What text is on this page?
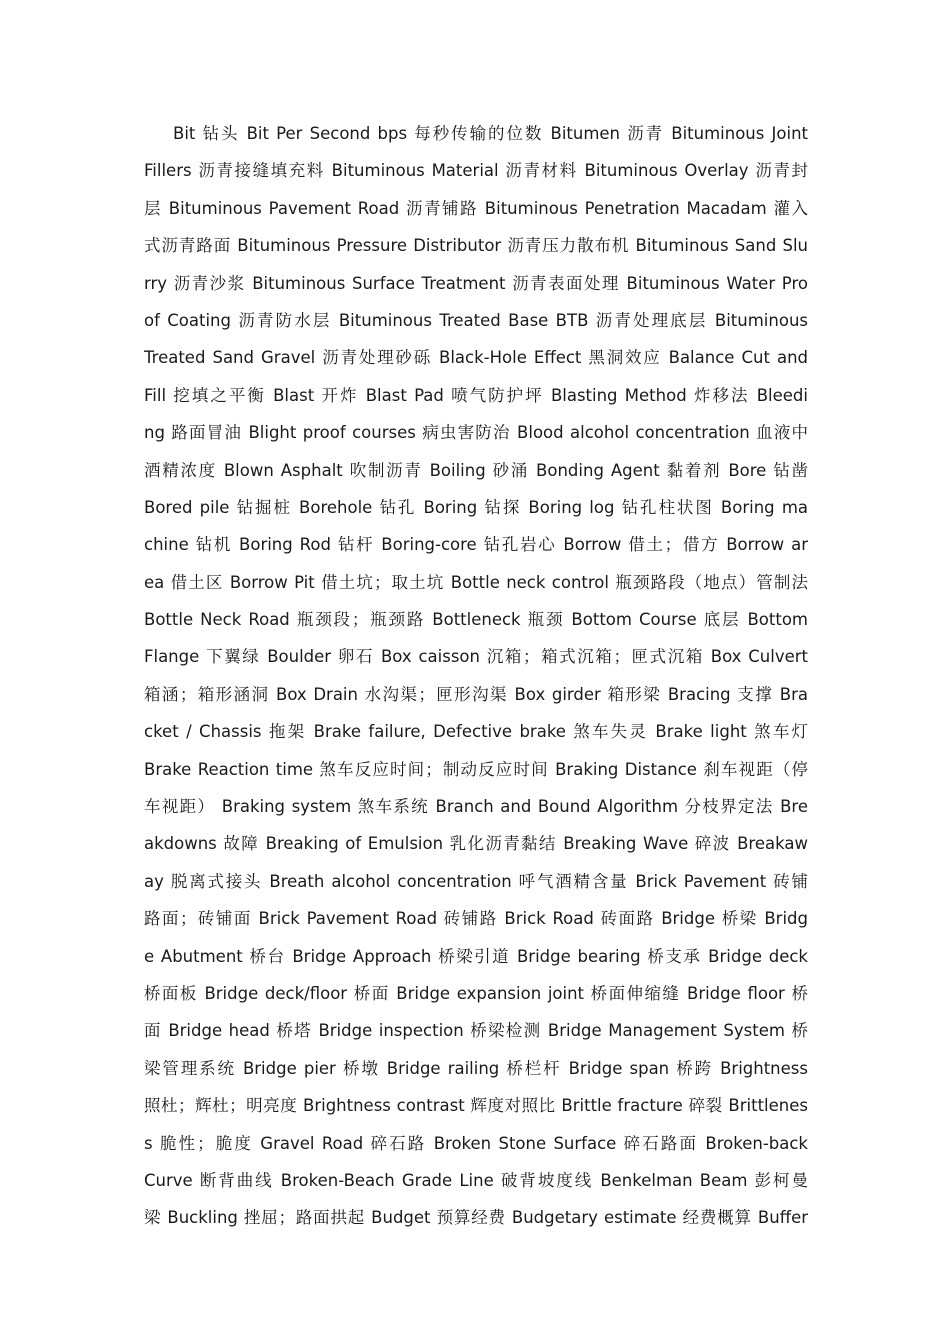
Bit 钻头 Bit Per Second bps 每秒传输的位数 Bitumen 沥青 Bituminous Joint
Fillers 沥青接缝填充料 Bituminous Material 沥青材料 Bituminous Overlay 沥青封
层 Bituminous Pavement Road 沥青铺路 Bituminous Penetration Macadam 灌入
式沥青路面 Bituminous Pressure Distributor 沥青压力散布机 Bituminous Sand Slu
rry 沥青沙浆 Bituminous Surface Treatment 沥青表面处理 Bituminous Water Pro
of Coating 沥青防水层 Bituminous Treated Base BTB 沥青处理底层 Bituminous
Treated Sand Gravel 沥青处理砂砾 Black-Hole Effect 黑洞效应 Balance Cut and
Fill 挖填之平衡 Blast 开炸 Blast Pad 喷气防护坪 Blasting Method 炸移法 Bleedi
ng 路面冒油 Blight proof courses 病虫害防治 Blood alcohol concentration 血液中
酒精浓度 Blown Asphalt 吹制沥青 Boiling 砂涌 Bonding Agent 黏着剂 Bore 钻凿
Bored pile 钻掘桩 Borehole 钻孔 Boring 钻探 Boring log 钻孔柱状图 Boring ma
chine 钻机 Boring Rod 钻杆 Boring-core 钻孔岩心 Borrow 借土；借方 Borrow ar
ea 借土区 Borrow Pit 借土坑；取土坑 Bottle neck control 瓶颈路段（地点）管制法
Bottle Neck Road 瓶颈段；瓶颈路 Bottleneck 瓶颈 Bottom Course 底层 Bottom
Flange 下翼绿 Boulder 卵石 Box caisson 沉箱；箱式沉箱；匣式沉箱 Box Culvert
箱涵；箱形涵洞 Box Drain 水沟渠；匣形沟渠 Box girder 箱形梁 Bracing 支撑 Bra
cket / Chassis 拖架 Brake failure, Defective brake 煞车失灵 Brake light 煞车灯
Brake Reaction time 煞车反应时间；制动反应时间 Braking Distance 刹车视距（停
车视距） Braking system 煞车系统 Branch and Bound Algorithm 分枝界定法 Bre
akdowns 故障 Breaking of Emulsion 乳化沥青黏结 Breaking Wave 碎波 Breakaw
ay 脱离式接头 Breath alcohol concentration 呼气酒精含量 Brick Pavement 砖铺
路面；砖铺面 Brick Pavement Road 砖铺路 Brick Road 砖面路 Bridge 桥梁 Bridg
e Abutment 桥台 Bridge Approach 桥梁引道 Bridge bearing 桥支承 Bridge deck
桥面板 Bridge deck/floor 桥面 Bridge expansion joint 桥面伸缩缝 Bridge floor 桥
面 Bridge head 桥塔 Bridge inspection 桥梁检测 Bridge Management System 桥
梁管理系统 Bridge pier 桥墩 Bridge railing 桥栏杆 Bridge span 桥跨 Brightness
照杜；辉杜；明亮度 Brightness contrast 辉度对照比 Brittle fracture 碎裂 Brittlenes
s 脆性；脆度 Gravel Road 碎石路 Broken Stone Surface 碎石路面 Broken-back
Curve 断背曲线 Broken-Beach Grade Line 破背坡度线 Benkelman Beam 彭柯曼
梁 Buckling 挫屈；路面拱起 Budget 预算经费 Budgetary estimate 经费概算 Buffer
